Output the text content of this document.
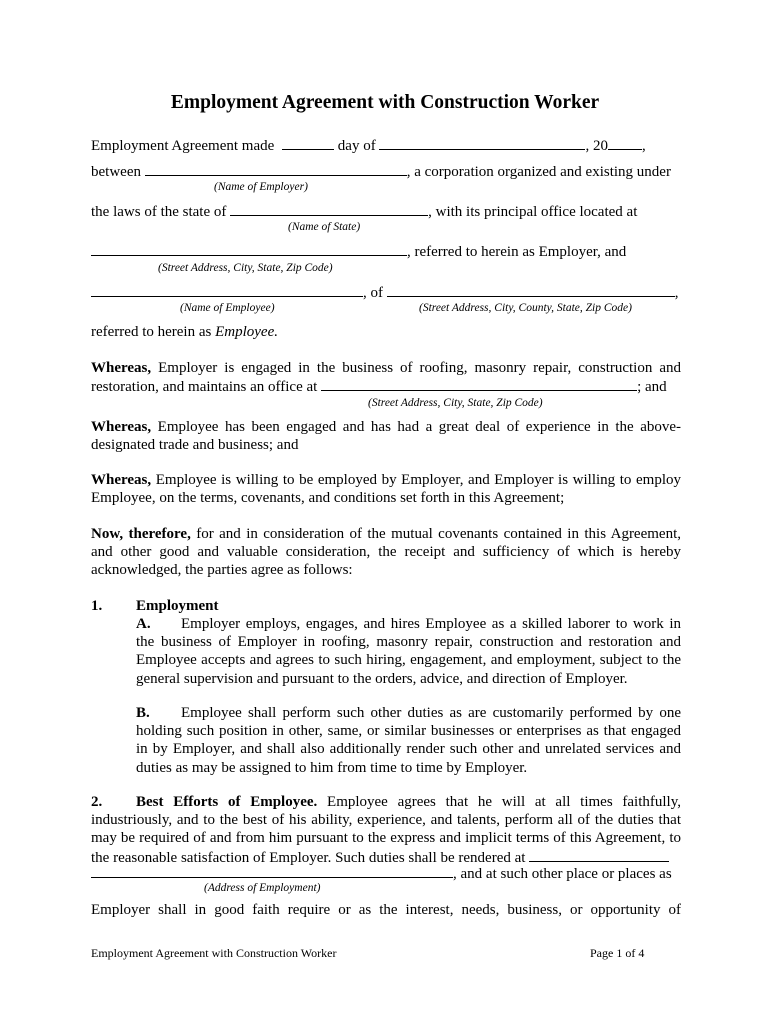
Employment Agreement with Construction Worker
Employment Agreement made	day of	, 20 ,
between	, a corporation organized and existing under
(Name of Employer)
the laws of the state of	, with its principal office located at
(Name of State)
, referred to herein as Employer, and
(Street Address, City, State, Zip Code)
, of	,
(Name of Employee)	(Street Address, City, County, State, Zip Code)
referred to herein as Employee.
Whereas, Employer is engaged in the business of roofing, masonry repair, construction and
restoration, and maintains an office at	; and
(Street Address, City, State, Zip Code)
Whereas, Employee has been engaged and has had a great deal of experience in the above-designated trade and business; and
Whereas, Employee is willing to be employed by Employer, and Employer is willing to employ Employee, on the terms, covenants, and conditions set forth in this Agreement;
Now, therefore, for and in consideration of the mutual covenants contained in this Agreement, and other good and valuable consideration, the receipt and sufficiency of which is hereby acknowledged, the parties agree as follows:
1. Employment
A. Employer employs, engages, and hires Employee as a skilled laborer to work in the business of Employer in roofing, masonry repair, construction and restoration and Employee accepts and agrees to such hiring, engagement, and employment, subject to the general supervision and pursuant to the orders, advice, and direction of Employer.
B. Employee shall perform such other duties as are customarily performed by one holding such position in other, same, or similar businesses or enterprises as that engaged in by Employer, and shall also additionally render such other and unrelated services and duties as may be assigned to him from time to time by Employer.
2. Best Efforts of Employee. Employee agrees that he will at all times faithfully, industriously, and to the best of his ability, experience, and talents, perform all of the duties that may be required of and from him pursuant to the express and implicit terms of this Agreement, to the reasonable satisfaction of Employer. Such duties shall be rendered at
, and at such other place or places as
(Address of Employment)
Employer shall in good faith require or as the interest, needs, business, or opportunity of
Employment Agreement with Construction Worker	Page 1 of 4
